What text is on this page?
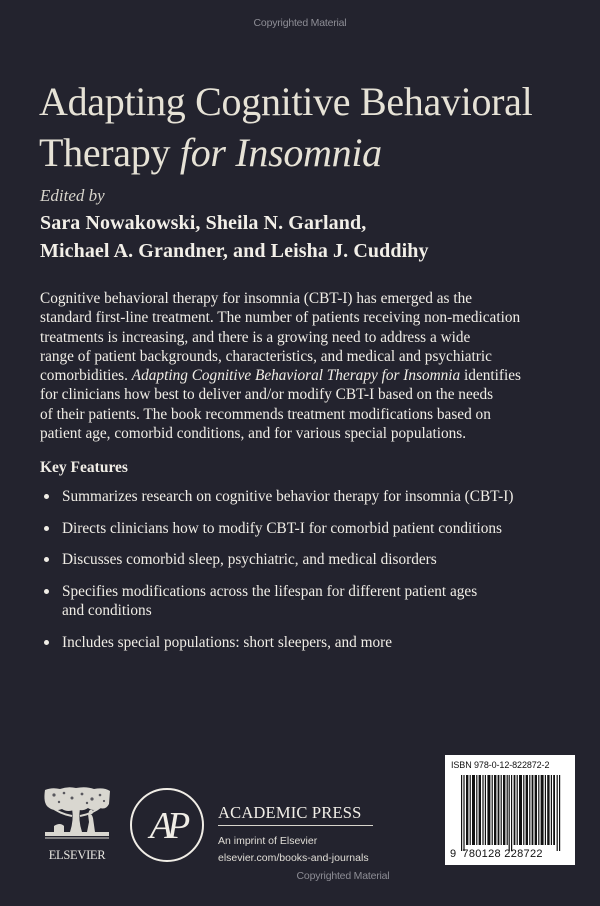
Copyrighted Material
Adapting Cognitive Behavioral
Therapy for Insomnia
Edited by
Sara Nowakowski, Sheila N. Garland,
Michael A. Grandner, and Leisha J. Cuddihy
Cognitive behavioral therapy for insomnia (CBT-I) has emerged as the
standard first-line treatment. The number of patients receiving non-medication
treatments is increasing, and there is a growing need to address a wide
range of patient backgrounds, characteristics, and medical and psychiatric
comorbidities. Adapting Cognitive Behavioral Therapy for Insomnia identifies
for clinicians how best to deliver and/or modify CBT-I based on the needs
of their patients. The book recommends treatment modifications based on
patient age, comorbid conditions, and for various special populations.
Key Features
Summarizes research on cognitive behavior therapy for insomnia (CBT-I)
Directs clinicians how to modify CBT-I for comorbid patient conditions
Discusses comorbid sleep, psychiatric, and medical disorders
Specifies modifications across the lifespan for different patient ages
and conditions
Includes special populations: short sleepers, and more
ELSEVIER
AP	ACADEMIC PRESS
An imprint of Elsevier
elsevier.com/books-and-journals
Copyrighted Material
ISBN 978-0-12-822872-2
9 780128 228722
